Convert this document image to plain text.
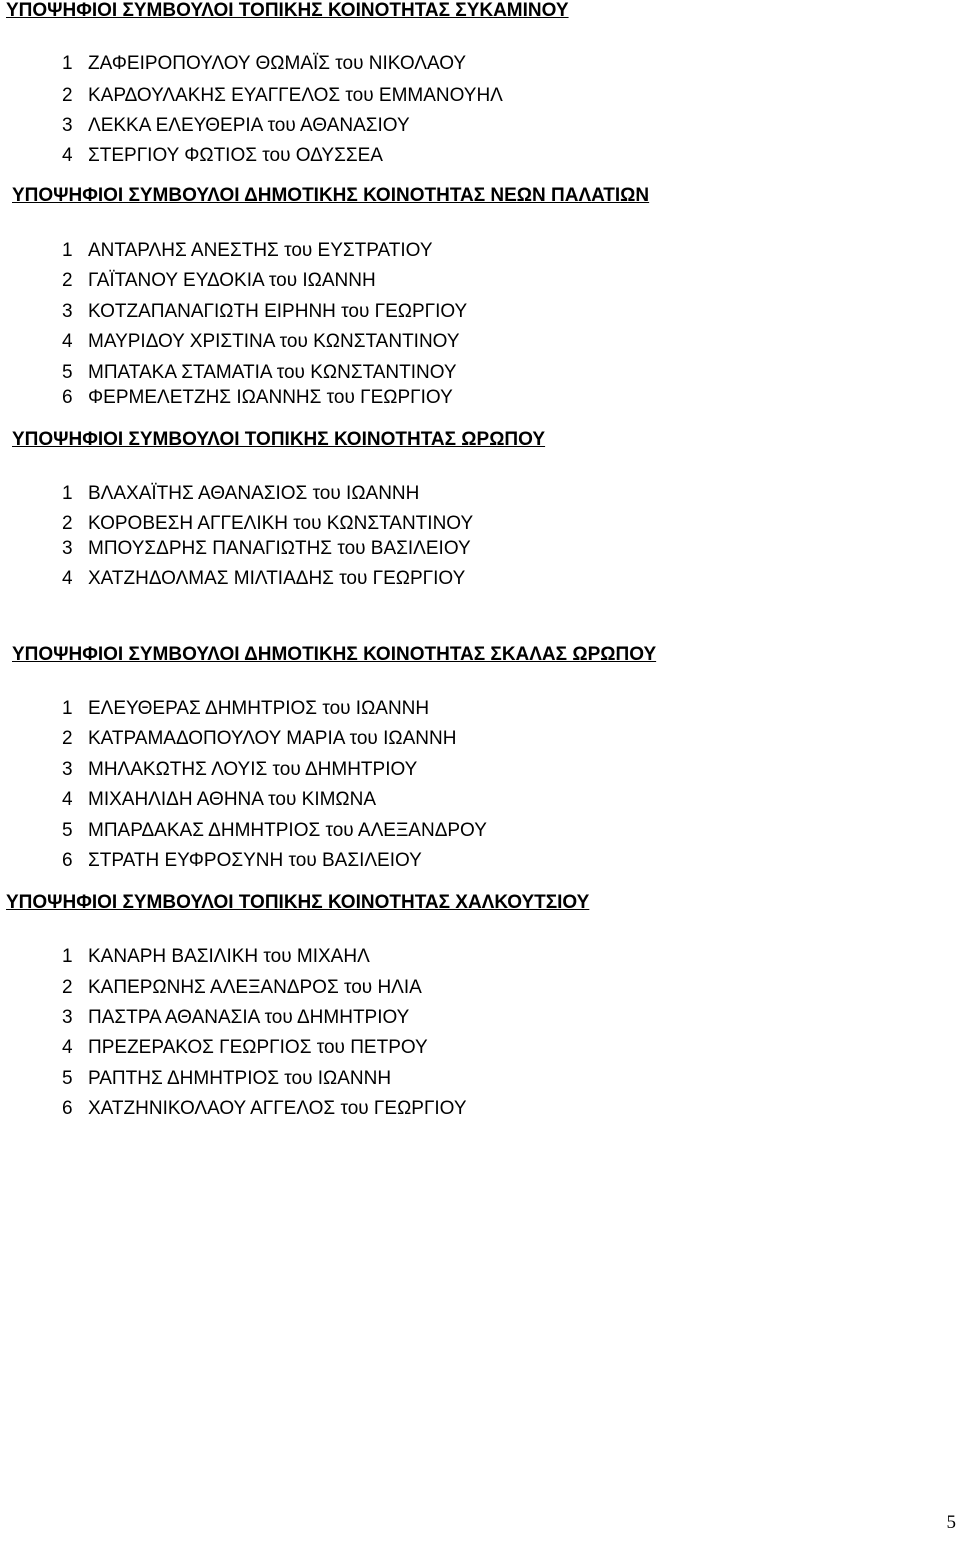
ΥΠΟΨΗΦΙΟΙ ΣΥΜΒΟΥΛΟΙ ΤΟΠΙΚΗΣ ΚΟΙΝΟΤΗΤΑΣ ΣΥΚΑΜΙΝΟΥ
1 ΖΑΦΕΙΡΟΠΟΥΛΟΥ ΘΩΜΑΪΣ του ΝΙΚΟΛΑΟΥ
2 ΚΑΡΔΟΥΛΑΚΗΣ ΕΥΑΓΓΕΛΟΣ του ΕΜΜΑΝΟΥΗΛ
3 ΛΕΚΚΑ ΕΛΕΥΘΕΡΙΑ του ΑΘΑΝΑΣΙΟΥ
4 ΣΤΕΡΓΙΟΥ ΦΩΤΙΟΣ του ΟΔΥΣΣΕΑ
ΥΠΟΨΗΦΙΟΙ ΣΥΜΒΟΥΛΟΙ ΔΗΜΟΤΙΚΗΣ ΚΟΙΝΟΤΗΤΑΣ ΝΕΩΝ ΠΑΛΑΤΙΩΝ
1 ΑΝΤΑΡΛΗΣ ΑΝΕΣΤΗΣ του ΕΥΣΤΡΑΤΙΟΥ
2 ΓΑΪΤΑΝΟΥ ΕΥΔΟΚΙΑ του ΙΩΑΝΝΗ
3 ΚΟΤΖΑΠΑΝΑΓΙΩΤΗ ΕΙΡΗΝΗ του ΓΕΩΡΓΙΟΥ
4 ΜΑΥΡΙΔΟΥ ΧΡΙΣΤΙΝΑ του ΚΩΝΣΤΑΝΤΙΝΟΥ
5 ΜΠΑΤΑΚΑ ΣΤΑΜΑΤΙΑ του ΚΩΝΣΤΑΝΤΙΝΟΥ
6 ΦΕΡΜΕΛΕΤΖΗΣ ΙΩΑΝΝΗΣ του ΓΕΩΡΓΙΟΥ
ΥΠΟΨΗΦΙΟΙ ΣΥΜΒΟΥΛΟΙ ΤΟΠΙΚΗΣ ΚΟΙΝΟΤΗΤΑΣ ΩΡΩΠΟΥ
1 ΒΛΑΧΑΪΤΗΣ ΑΘΑΝΑΣΙΟΣ του ΙΩΑΝΝΗ
2 ΚΟΡΟΒΕΣΗ ΑΓΓΕΛΙΚΗ του ΚΩΝΣΤΑΝΤΙΝΟΥ
3 ΜΠΟΥΣΔΡΗΣ ΠΑΝΑΓΙΩΤΗΣ του ΒΑΣΙΛΕΙΟΥ
4 ΧΑΤΖΗΔΟΛΜΑΣ ΜΙΛΤΙΑΔΗΣ του ΓΕΩΡΓΙΟΥ
ΥΠΟΨΗΦΙΟΙ ΣΥΜΒΟΥΛΟΙ ΔΗΜΟΤΙΚΗΣ ΚΟΙΝΟΤΗΤΑΣ ΣΚΑΛΑΣ ΩΡΩΠΟΥ
1 ΕΛΕΥΘΕΡΑΣ ΔΗΜΗΤΡΙΟΣ του ΙΩΑΝΝΗ
2 ΚΑΤΡΑΜΑΔΟΠΟΥΛΟΥ ΜΑΡΙΑ του ΙΩΑΝΝΗ
3 ΜΗΛΑΚΩΤΗΣ ΛΟΥΙΣ του ΔΗΜΗΤΡΙΟΥ
4 ΜΙΧΑΗΛΙΔΗ ΑΘΗΝΑ του ΚΙΜΩΝΑ
5 ΜΠΑΡΔΑΚΑΣ ΔΗΜΗΤΡΙΟΣ του ΑΛΕΞΑΝΔΡΟΥ
6 ΣΤΡΑΤΗ ΕΥΦΡΟΣΥΝΗ του ΒΑΣΙΛΕΙΟΥ
ΥΠΟΨΗΦΙΟΙ ΣΥΜΒΟΥΛΟΙ ΤΟΠΙΚΗΣ ΚΟΙΝΟΤΗΤΑΣ ΧΑΛΚΟΥΤΣΙΟΥ
1 ΚΑΝΑΡΗ ΒΑΣΙΛΙΚΗ του ΜΙΧΑΗΛ
2 ΚΑΠΕΡΩΝΗΣ ΑΛΕΞΑΝΔΡΟΣ του ΗΛΙΑ
3 ΠΑΣΤΡΑ ΑΘΑΝΑΣΙΑ του ΔΗΜΗΤΡΙΟΥ
4 ΠΡΕΖΕΡΑΚΟΣ ΓΕΩΡΓΙΟΣ του ΠΕΤΡΟΥ
5 ΡΑΠΤΗΣ ΔΗΜΗΤΡΙΟΣ του ΙΩΑΝΝΗ
6 ΧΑΤΖΗΝΙΚΟΛΑΟΥ ΑΓΓΕΛΟΣ του ΓΕΩΡΓΙΟΥ
5
